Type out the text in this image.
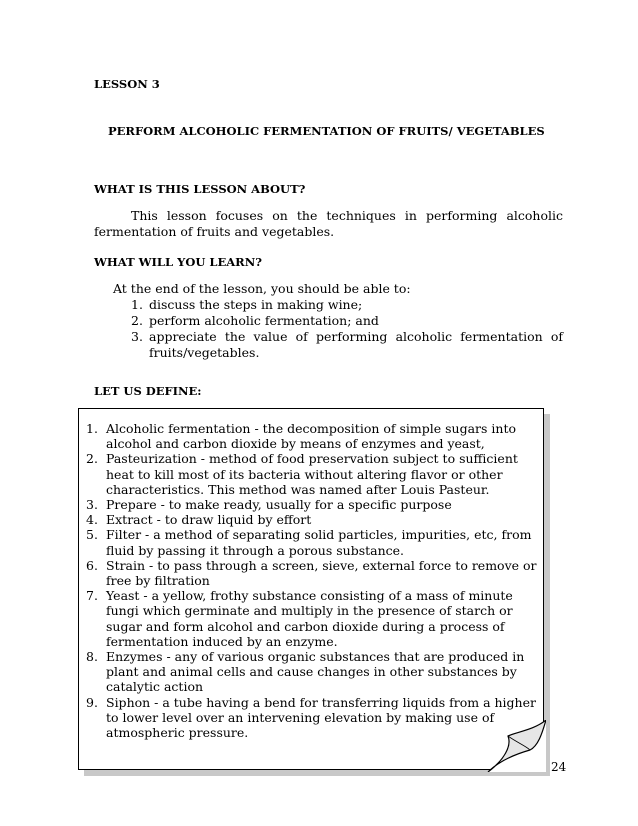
LESSON 3
PERFORM ALCOHOLIC FERMENTATION OF FRUITS/ VEGETABLES
WHAT IS THIS LESSON ABOUT?
This lesson focuses on the techniques in performing alcoholic fermentation of fruits and vegetables.
WHAT WILL YOU LEARN?
At the end of the lesson, you should be able to:
1. discuss the steps in making wine;
2. perform alcoholic fermentation; and
3. appreciate the value of performing alcoholic fermentation of fruits/vegetables.
LET US DEFINE:
1. Alcoholic fermentation - the decomposition of simple sugars into alcohol and carbon dioxide by means of enzymes and yeast,
2. Pasteurization - method of food preservation subject to sufficient heat to kill most of its bacteria without altering flavor or other characteristics. This method was named after Louis Pasteur.
3. Prepare - to make ready, usually for a specific purpose
4. Extract - to draw liquid by effort
5. Filter - a method of separating solid particles, impurities, etc, from fluid by passing it through a porous substance.
6. Strain - to pass through a screen, sieve, external force to remove or free by filtration
7. Yeast - a yellow, frothy substance consisting of a mass of minute fungi which germinate and multiply in the presence of starch or sugar and form alcohol and carbon dioxide during a process of fermentation induced by an enzyme.
8. Enzymes - any of various organic substances that are produced in plant and animal cells and cause changes in other substances by catalytic action
9. Siphon - a tube having a bend for transferring liquids from a higher to lower level over an intervening elevation by making use of atmospheric pressure.
24
